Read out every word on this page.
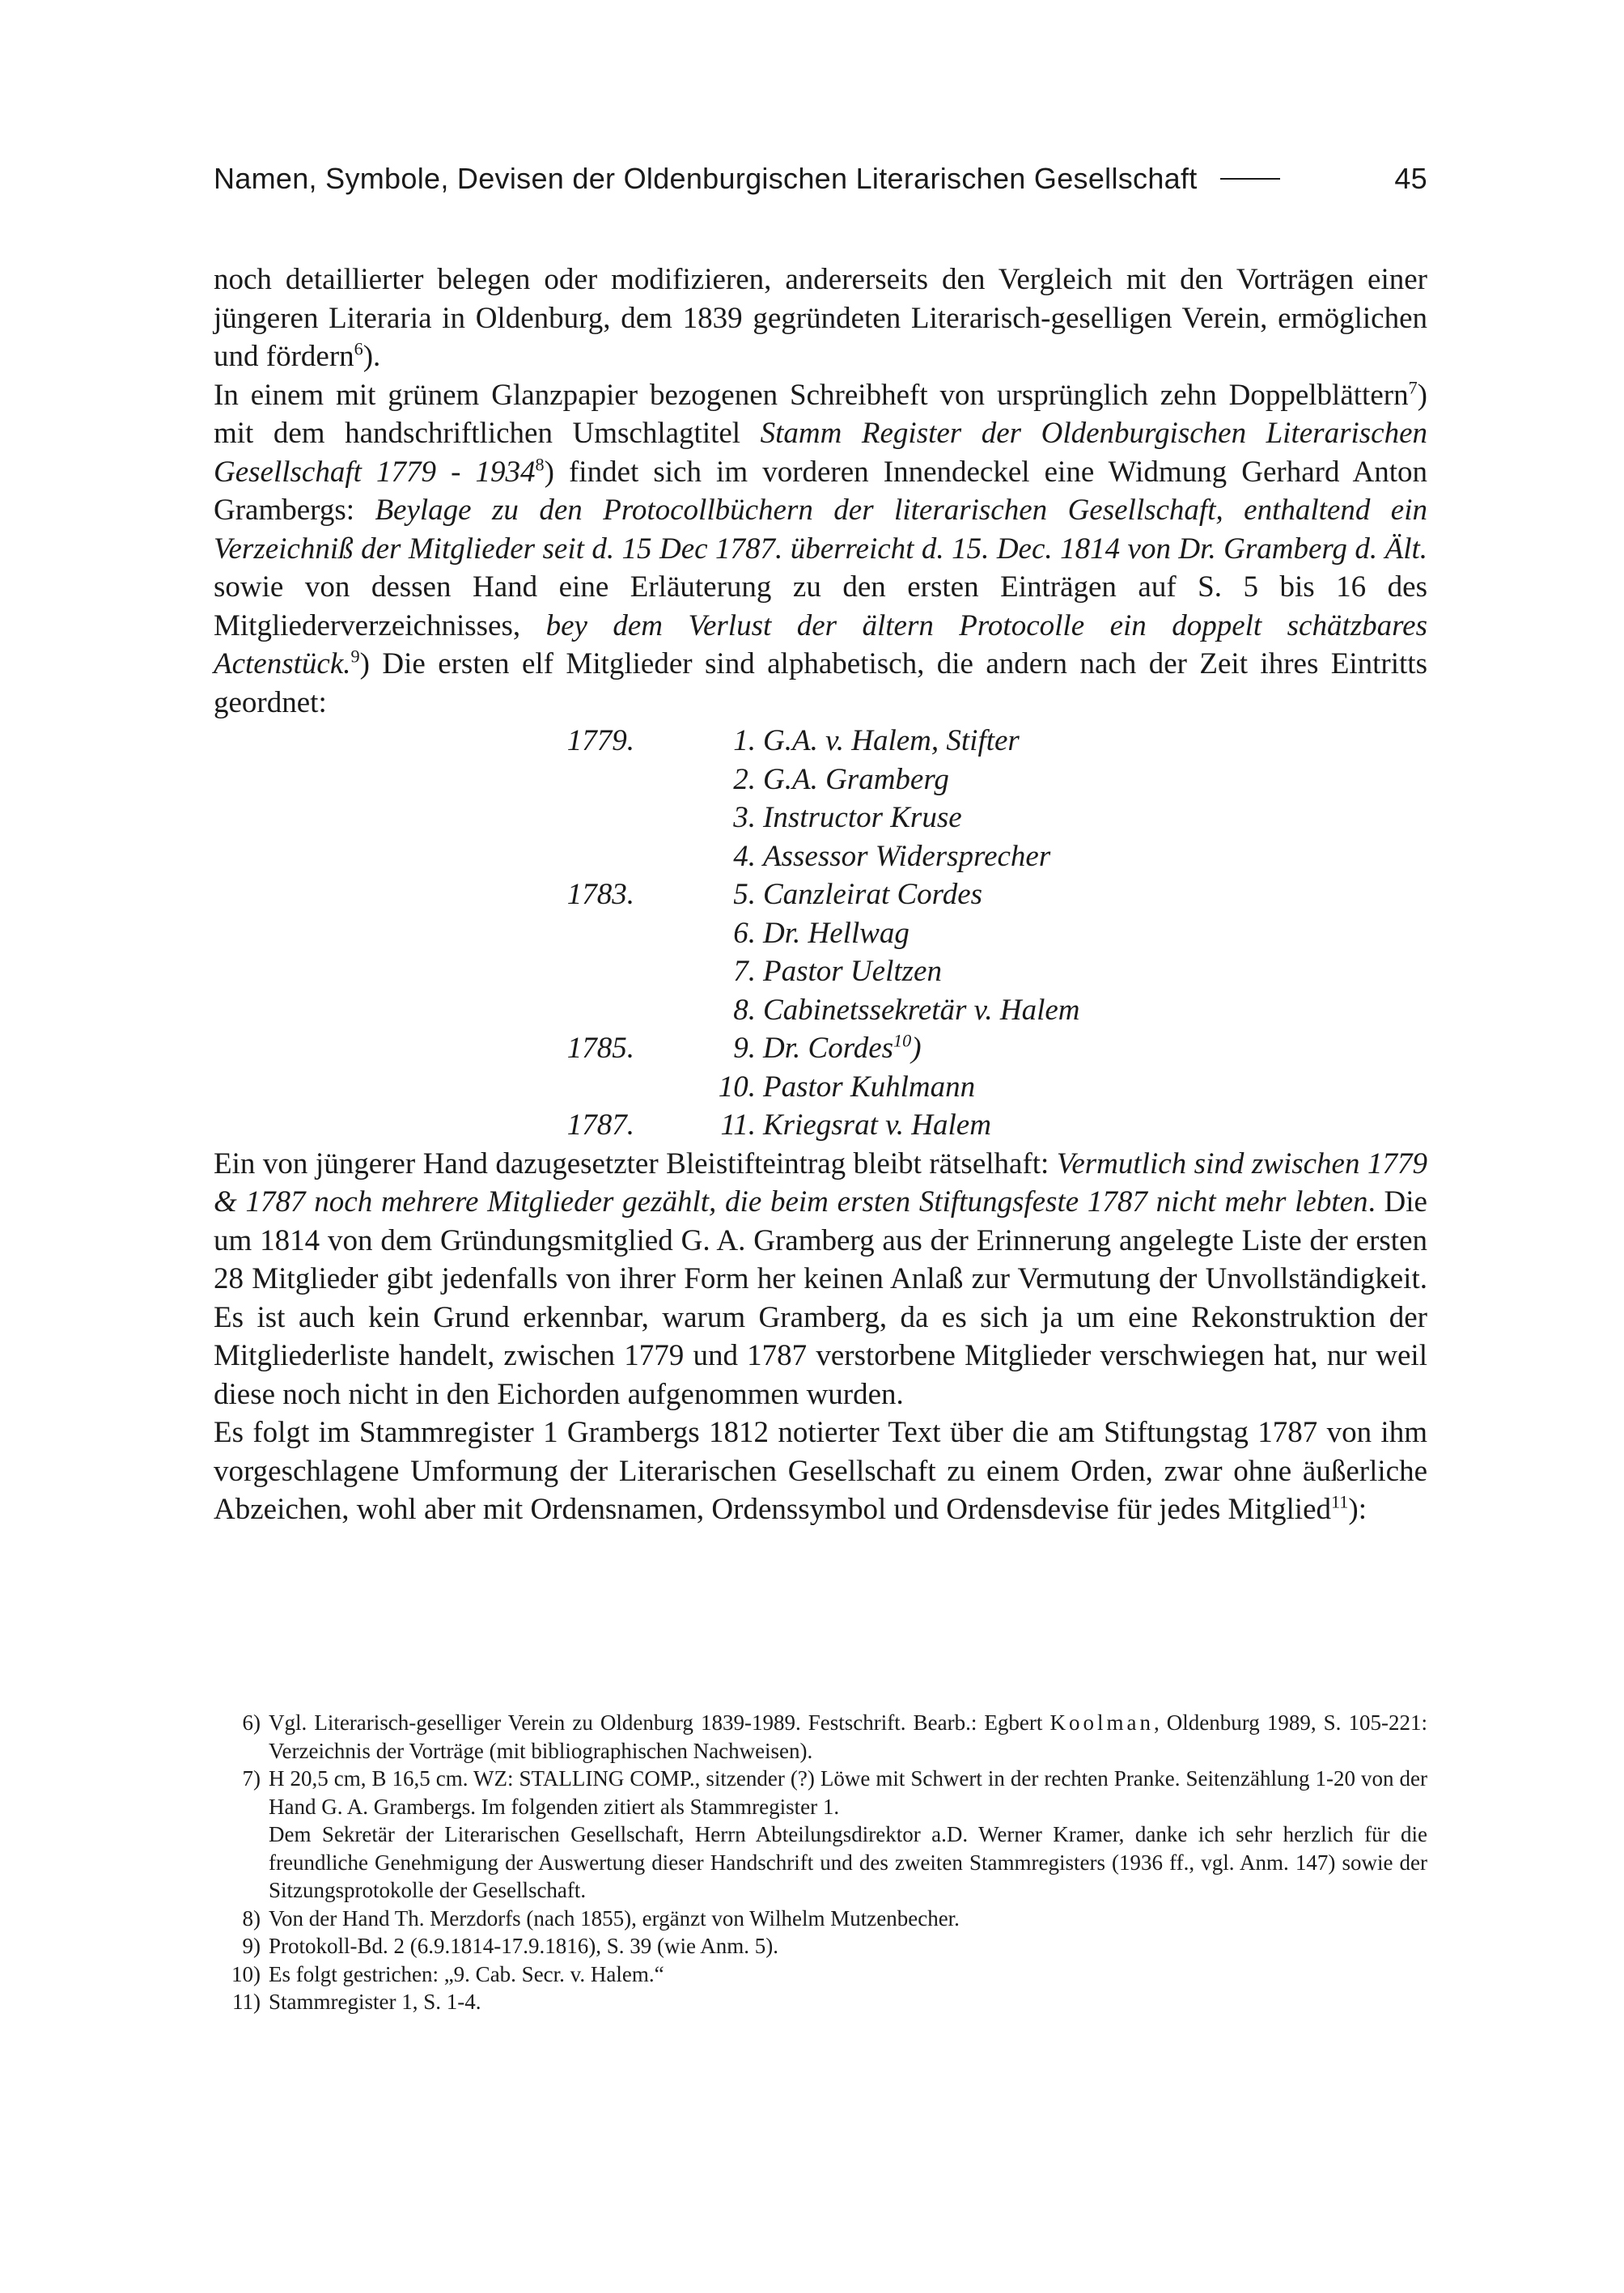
Namen, Symbole, Devisen der Oldenburgischen Literarischen Gesellschaft	45

noch detaillierter belegen oder modifizieren, andererseits den Vergleich mit den Vorträgen einer jüngeren Literaria in Oldenburg, dem 1839 gegründeten Literarisch-geselligen Verein, ermöglichen und fördern$^6$).

In einem mit grünem Glanzpapier bezogenen Schreibheft von ursprünglich zehn Doppelblättern$^7$) mit dem handschriftlichen Umschlagtitel Stamm Register der Oldenburgischen Literarischen Gesellschaft 1779 - 1934$^8$) findet sich im vorderen Innendeckel eine Widmung Gerhard Anton Grambergs: Beylage zu den Protocollbüchern der literarischen Gesellschaft, enthaltend ein Verzeichniß der Mitglieder seit d. 15 Dec 1787. überreicht d. 15. Dec. 1814 von Dr. Gramberg d. Ält. sowie von dessen Hand eine Erläuterung zu den ersten Einträgen auf S. 5 bis 16 des Mitgliederverzeichnisses, bey dem Verlust der ältern Protocolle ein doppelt schätzbares Actenstück.$^9$) Die ersten elf Mitglieder sind alphabetisch, die andern nach der Zeit ihres Eintritts geordnet:

1779.	1. G.A. v. Halem, Stifter
2. G.A. Gramberg
3. Instructor Kruse
4. Assessor Widersprecher
1783.	5. Canzleirat Cordes
6. Dr. Hellwag
7. Pastor Ueltzen
8. Cabinetssekretär v. Halem
1785.	9. Dr. Cordes$^{10}$)
10. Pastor Kuhlmann
1787.	11. Kriegsrat v. Halem

Ein von jüngerer Hand dazugesetzter Bleistifteintrag bleibt rätselhaft: Vermutlich sind zwischen 1779 & 1787 noch mehrere Mitglieder gezählt, die beim ersten Stiftungsfeste 1787 nicht mehr lebten. Die um 1814 von dem Gründungsmitglied G. A. Gramberg aus der Erinnerung angelegte Liste der ersten 28 Mitglieder gibt jedenfalls von ihrer Form her keinen Anlaß zur Vermutung der Unvollständigkeit. Es ist auch kein Grund erkennbar, warum Gramberg, da es sich ja um eine Rekonstruktion der Mitgliederliste handelt, zwischen 1779 und 1787 verstorbene Mitglieder verschwiegen hat, nur weil diese noch nicht in den Eichorden aufgenommen wurden.

Es folgt im Stammregister 1 Grambergs 1812 notierter Text über die am Stiftungstag 1787 von ihm vorgeschlagene Umformung der Literarischen Gesellschaft zu einem Orden, zwar ohne äußerliche Abzeichen, wohl aber mit Ordensnamen, Ordenssymbol und Ordensdevise für jedes Mitglied$^{11}$):

6) Vgl. Literarisch-geselliger Verein zu Oldenburg 1839-1989. Festschrift. Bearb.: Egbert Koolman, Oldenburg 1989, S. 105-221: Verzeichnis der Vorträge (mit bibliographischen Nachweisen).
7) H 20,5 cm, B 16,5 cm. WZ: STALLING COMP., sitzender (?) Löwe mit Schwert in der rechten Pranke. Seitenzählung 1-20 von der Hand G. A. Grambergs. Im folgenden zitiert als Stammregister 1.
Dem Sekretär der Literarischen Gesellschaft, Herrn Abteilungsdirektor a.D. Werner Kramer, danke ich sehr herzlich für die freundliche Genehmigung der Auswertung dieser Handschrift und des zweiten Stammregisters (1936 ff., vgl. Anm. 147) sowie der Sitzungsprotokolle der Gesellschaft.
8) Von der Hand Th. Merzdorfs (nach 1855), ergänzt von Wilhelm Mutzenbecher.
9) Protokoll-Bd. 2 (6.9.1814-17.9.1816), S. 39 (wie Anm. 5).
10) Es folgt gestrichen: „9. Cab. Secr. v. Halem.“
11) Stammregister 1, S. 1-4.
